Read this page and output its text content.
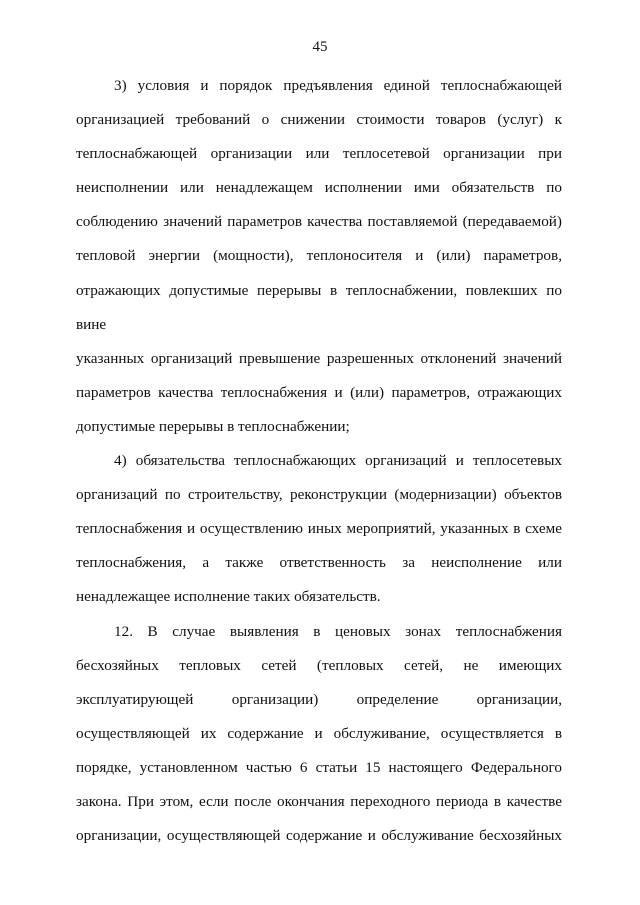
45
3) условия и порядок предъявления единой теплоснабжающей
организацией требований о снижении стоимости товаров (услуг) к
теплоснабжающей организации или теплосетевой организации при
неисполнении или ненадлежащем исполнении ими обязательств по
соблюдению значений параметров качества поставляемой (передаваемой)
тепловой энергии (мощности), теплоносителя и (или) параметров,
отражающих допустимые перерывы в теплоснабжении, повлекших по вине
указанных организаций превышение разрешенных отклонений значений
параметров качества теплоснабжения и (или) параметров, отражающих
допустимые перерывы в теплоснабжении;
4) обязательства теплоснабжающих организаций и теплосетевых
организаций по строительству, реконструкции (модернизации) объектов
теплоснабжения и осуществлению иных мероприятий, указанных в схеме
теплоснабжения, а также ответственность за неисполнение или
ненадлежащее исполнение таких обязательств.
12. В случае выявления в ценовых зонах теплоснабжения
бесхозяйных тепловых сетей (тепловых сетей, не имеющих
эксплуатирующей организации) определение организации,
осуществляющей их содержание и обслуживание, осуществляется в
порядке, установленном частью 6 статьи 15 настоящего Федерального
закона. При этом, если после окончания переходного периода в качестве
организации, осуществляющей содержание и обслуживание бесхозяйных
